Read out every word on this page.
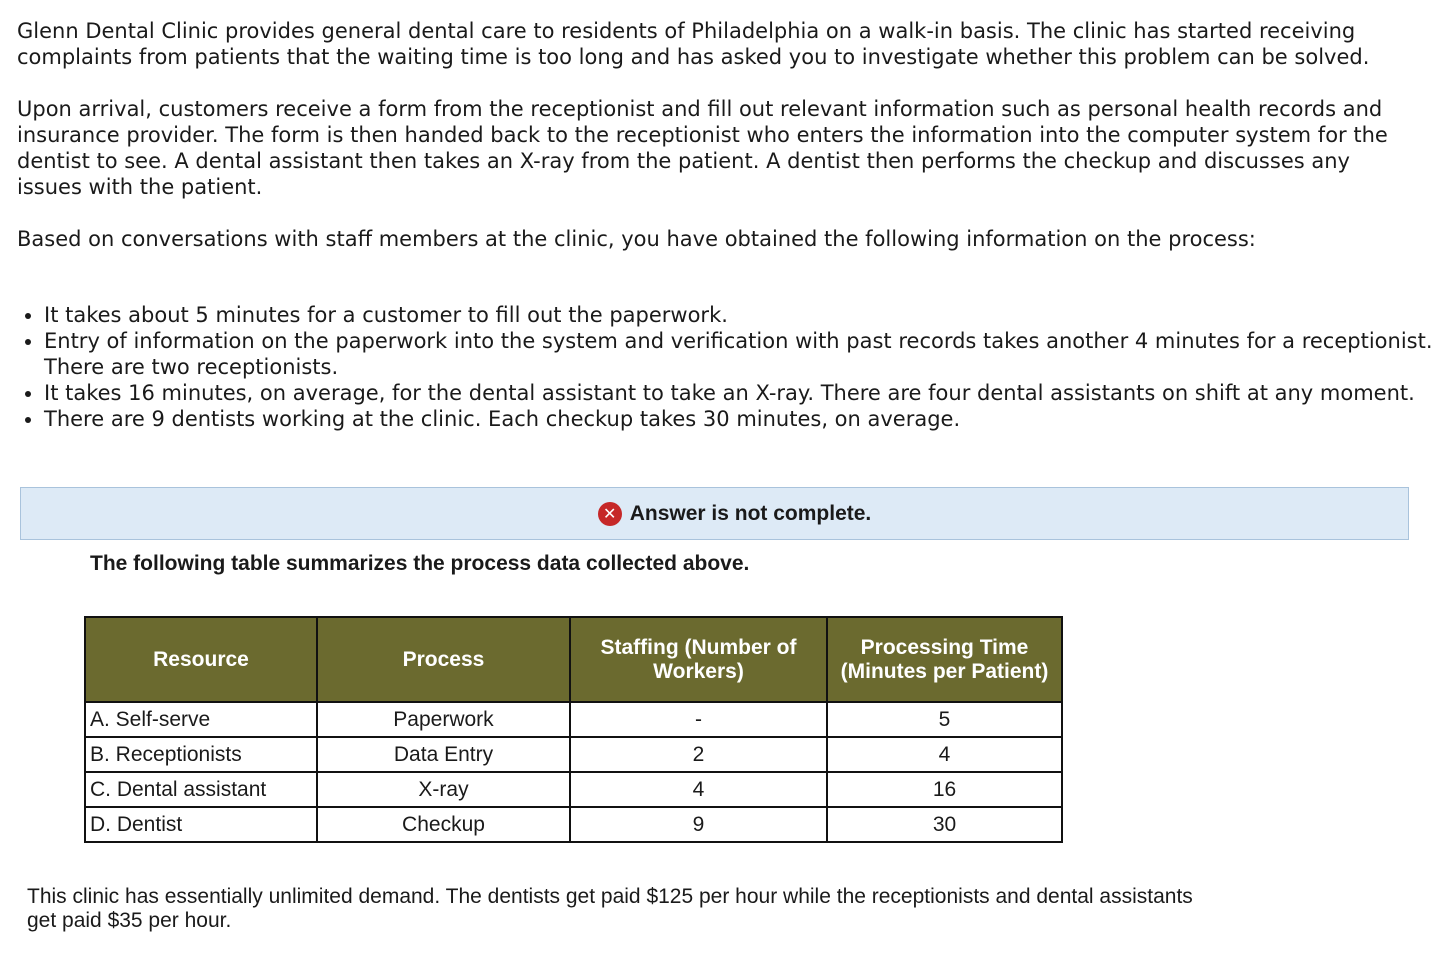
Glenn Dental Clinic provides general dental care to residents of Philadelphia on a walk-in basis. The clinic has started receiving complaints from patients that the waiting time is too long and has asked you to investigate whether this problem can be solved.

Upon arrival, customers receive a form from the receptionist and fill out relevant information such as personal health records and insurance provider. The form is then handed back to the receptionist who enters the information into the computer system for the dentist to see. A dental assistant then takes an X-ray from the patient. A dentist then performs the checkup and discusses any issues with the patient.

Based on conversations with staff members at the clinic, you have obtained the following information on the process:

• It takes about 5 minutes for a customer to fill out the paperwork.
• Entry of information on the paperwork into the system and verification with past records takes another 4 minutes for a receptionist. There are two receptionists.
• It takes 16 minutes, on average, for the dental assistant to take an X-ray. There are four dental assistants on shift at any moment.
• There are 9 dentists working at the clinic. Each checkup takes 30 minutes, on average.
✕ Answer is not complete.
The following table summarizes the process data collected above.
Resource	Process	Staffing (Number of Workers)	Processing Time (Minutes per Patient)
A. Self-serve	Paperwork	-	5
B. Receptionists	Data Entry	2	4
C. Dental assistant	X-ray	4	16
D. Dentist	Checkup	9	30
This clinic has essentially unlimited demand. The dentists get paid $125 per hour while the receptionists and dental assistants get paid $35 per hour.
